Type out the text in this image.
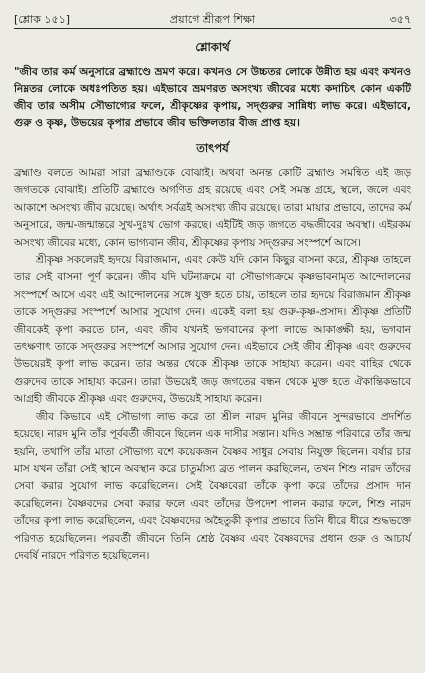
[শ্লোক ১৫১]	প্রয়াগে শ্রীরূপ শিক্ষা	৩৫৭
শ্লোকার্থ

"জীব তার কর্ম অনুসারে ব্রহ্মাণ্ডে ভ্রমণ করে। কখনও সে উচ্চতর লোকে উন্নীত হয় এবং কখনও নিম্নতর লোকে অধঃপতিত হয়। এইভাবে ভ্রমণরত অসংখ্য জীবের মধ্যে কদাচিৎ কোন একটি জীব তার অসীম সৌভাগ্যের ফলে, শ্রীকৃষ্ণের কৃপায়, সদ্গুরুর সান্নিধ্য লাভ করে। এইভাবে, গুরু ও কৃষ্ণ, উভয়ের কৃপার প্রভাবে জীব ভক্তিলতার বীজ প্রাপ্ত হয়।

তাৎপর্য

ব্রহ্মাণ্ড বলতে আমরা সারা ব্রহ্মাণ্ডকে বোঝাই। অথবা অনন্ত কোটি ব্রহ্মাণ্ড সমন্বিত এই জড় জগতকে বোঝাই। প্রতিটি ব্রহ্মাণ্ডে অগণিত গ্রহ রয়েছে এবং সেই সমস্ত গ্রহে, স্থলে, জলে এবং আকাশে অসংখ্য জীব রয়েছে। অর্থাৎ সর্বত্রই অসংখ্য জীব রয়েছে। তারা মায়ার প্রভাবে, তাদের কর্ম অনুসারে, জন্ম-জন্মান্তরে সুখ-দুঃখ ভোগ করছে। এইটিই জড় জগতে বদ্ধজীবের অবস্থা। এইরকম অসংখ্য জীবের মধ্যে, কোন ভাগ্যবান জীব, শ্রীকৃষ্ণের কৃপায় সদ্গুরুর সংস্পর্শে আসে।

শ্রীকৃষ্ণ সকলেরই হৃদয়ে বিরাজমান, এবং কেউ যদি কোন কিছুর বাসনা করে, শ্রীকৃষ্ণ তাহলে তার সেই বাসনা পূর্ণ করেন। জীব যদি ঘটনাক্রমে বা সৌভাগ্যক্রমে কৃষ্ণভাবনামৃত আন্দোলনের সংস্পর্শে আসে এবং এই আন্দোলনের সঙ্গে যুক্ত হতে চায়, তাহলে তার হৃদয়ে বিরাজমান শ্রীকৃষ্ণ তাকে সদ্গুরুর সংস্পর্শে আসার সুযোগ দেন। একেই বলা হয় গুরু-কৃষ্ণ-প্রসাদ। শ্রীকৃষ্ণ প্রতিটি জীবকেই কৃপা করতে চান, এবং জীব যখনই ভগবানের কৃপা লাভে আকাঙ্ক্ষী হয়, ভগবান তৎক্ষণাৎ তাকে সদ্গুরুর সংস্পর্শে আসার সুযোগ দেন। এইভাবে সেই জীব শ্রীকৃষ্ণ এবং গুরুদেব উভয়েরই কৃপা লাভ করেন। তার অন্তর থেকে শ্রীকৃষ্ণ তাকে সাহায্য করেন। এবং বাহির থেকে গুরুদেব তাকে সাহায্য করেন। তারা উভয়েই জড় জগতের বন্ধন থেকে মুক্ত হতে ঐকান্তিকভাবে আগ্রহী জীবকে শ্রীকৃষ্ণ এবং গুরুদেব, উভয়েই সাহায্য করেন।

জীব কিভাবে এই সৌভাগ্য লাভ করে তা শ্রীল নারদ মুনির জীবনে সুন্দরভাবে প্রদর্শিত হয়েছে। নারদ মুনি তাঁর পূর্ববর্তী জীবনে ছিলেন এক দাসীর সন্তান। যদিও সম্ভ্রান্ত পরিবারে তাঁর জন্ম হয়নি, তথাপি তাঁর মাতা সৌভাগ্য বশে কয়েকজন বৈষ্ণব সাধুর সেবায় নিযুক্ত ছিলেন। বর্ষার চার মাস যখন তাঁরা সেই স্থানে অবস্থান করে চাতুর্মাস্য ব্রত পালন করছিলেন, তখন শিশু নারদ তাঁদের সেবা করার সুযোগ লাভ করেছিলেন। সেই বৈষ্ণবেরা তাঁকে কৃপা করে তাঁদের প্রসাদ দান করেছিলেন। বৈষ্ণবদের সেবা করার ফলে এবং তাঁদের উপদেশ পালন করার ফলে, শিশু নারদ তাঁদের কৃপা লাভ করেছিলেন, এবং বৈষ্ণবদের অহৈতুকী কৃপার প্রভাবে তিনি ধীরে ধীরে শুদ্ধভক্তে পরিণত হয়েছিলেন। পরবর্তী জীবনে তিনি শ্রেষ্ঠ বৈষ্ণব এবং বৈষ্ণবদের প্রধান গুরু ও আচার্য দেবর্ষি নারদে পরিণত হয়েছিলেন।
